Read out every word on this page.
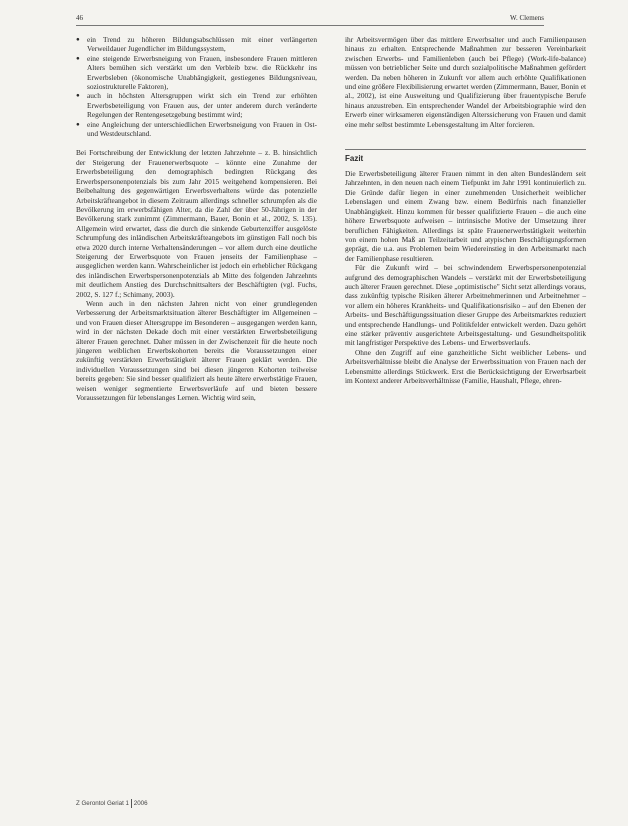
46	W. Clemens
● ein Trend zu höheren Bildungsabschlüssen mit einer verlängerten Verweildauer Jugendlicher im Bildungssystem,
● eine steigende Erwerbsneigung von Frauen, insbesondere Frauen mittleren Alters bemühen sich verstärkt um den Verbleib bzw. die Rückkehr ins Erwerbsleben (ökonomische Unabhängigkeit, gestiegenes Bildungsniveau, soziostrukturelle Faktoren),
● auch in höchsten Altersgruppen wirkt sich ein Trend zur erhöhten Erwerbsbeteiligung von Frauen aus, der unter anderem durch veränderte Regelungen der Rentengesetzgebung bestimmt wird;
● eine Angleichung der unterschiedlichen Erwerbsneigung von Frauen in Ost- und Westdeutschland.

Bei Fortschreibung der Entwicklung der letzten Jahrzehnte – z. B. hinsichtlich der Steigerung der Frauenerwerbsquote – könnte eine Zunahme der Erwerbsbeteiligung den demographisch bedingten Rückgang des Erwerbspersonenpotenzials bis zum Jahr 2015 weitgehend kompensieren. Bei Beibehaltung des gegenwärtigen Erwerbsverhaltens würde das potenzielle Arbeitskräfteangebot in diesem Zeitraum allerdings schneller schrumpfen als die Bevölkerung im erwerbsfähigen Alter, da die Zahl der über 50-Jährigen in der Bevölkerung stark zunimmt (Zimmermann, Bauer, Bonin et al., 2002, S. 135). Allgemein wird erwartet, dass die durch die sinkende Geburtenziffer ausgelöste Schrumpfung des inländischen Arbeitskräfteangebots im günstigen Fall noch bis etwa 2020 durch interne Verhaltensänderungen – vor allem durch eine deutliche Steigerung der Erwerbsquote von Frauen jenseits der Familienphase – ausgeglichen werden kann. Wahrscheinlicher ist jedoch ein erheblicher Rückgang des inländischen Erwerbspersonenpotenzials ab Mitte des folgenden Jahrzehnts mit deutlichem Anstieg des Durchschnittsalters der Beschäftigten (vgl. Fuchs, 2002, S. 127 f.; Schimany, 2003).

Wenn auch in den nächsten Jahren nicht von einer grundlegenden Verbesserung der Arbeitsmarktsituation älterer Beschäftigter im Allgemeinen – und von Frauen dieser Altersgruppe im Besonderen – ausgegangen werden kann, wird in der nächsten Dekade doch mit einer verstärkten Erwerbsbeteiligung älterer Frauen gerechnet. Daher müssen in der Zwischenzeit für die heute noch jüngeren weiblichen Erwerbskohorten bereits die Voraussetzungen einer zukünftig verstärkten Erwerbstätigkeit älterer Frauen geklärt werden. Die individuellen Voraussetzungen sind bei diesen jüngeren Kohorten teilweise bereits gegeben: Sie sind besser qualifiziert als heute ältere erwerbstätige Frauen, weisen weniger segmentierte Erwerbsverläufe auf und bieten bessere Voraussetzungen für lebenslanges Lernen. Wichtig wird sein,

ihr Arbeitsvermögen über das mittlere Erwerbsalter und auch Familienpausen hinaus zu erhalten. Entsprechende Maßnahmen zur besseren Vereinbarkeit zwischen Erwerbs- und Familienleben (auch bei Pflege) (Work-life-balance) müssen von betrieblicher Seite und durch sozialpolitische Maßnahmen gefördert werden. Da neben höheren in Zukunft vor allem auch erhöhte Qualifikationen und eine größere Flexibilisierung erwartet werden (Zimmermann, Bauer, Bonin et al., 2002), ist eine Ausweitung und Qualifizierung über frauentypische Berufe hinaus anzustreben. Ein entsprechender Wandel der Arbeitsbiographie wird den Erwerb einer wirksameren eigenständigen Alterssicherung von Frauen und damit eine mehr selbst bestimmte Lebensgestaltung im Alter forcieren.

Fazit

Die Erwerbsbeteiligung älterer Frauen nimmt in den alten Bundesländern seit Jahrzehnten, in den neuen nach einem Tiefpunkt im Jahr 1991 kontinuierlich zu. Die Gründe dafür liegen in einer zunehmenden Unsicherheit weiblicher Lebenslagen und einem Zwang bzw. einem Bedürfnis nach finanzieller Unabhängigkeit. Hinzu kommen für besser qualifizierte Frauen – die auch eine höhere Erwerbsquote aufweisen – intrinsische Motive der Umsetzung ihrer beruflichen Fähigkeiten. Allerdings ist späte Frauenerwerbstätigkeit weiterhin von einem hohen Maß an Teilzeitarbeit und atypischen Beschäftigungsformen geprägt, die u.a. aus Problemen beim Wiedereinstieg in den Arbeitsmarkt nach der Familienphase resultieren.

Für die Zukunft wird – bei schwindendem Erwerbspersonenpotenzial aufgrund des demographischen Wandels – verstärkt mit der Erwerbsbeteiligung auch älterer Frauen gerechnet. Diese „optimistische" Sicht setzt allerdings voraus, dass zukünftig typische Risiken älterer Arbeitnehmerinnen und Arbeitnehmer – vor allem ein höheres Krankheits- und Qualifikationsrisiko – auf den Ebenen der Arbeits- und Beschäftigungssituation dieser Gruppe des Arbeitsmarktes reduziert und entsprechende Handlungs- und Politikfelder entwickelt werden. Dazu gehört eine stärker präventiv ausgerichtete Arbeitsgestaltung- und Gesundheitspolitik mit langfristiger Perspektive des Lebens- und Erwerbsverlaufs.

Ohne den Zugriff auf eine ganzheitliche Sicht weiblicher Lebens- und Arbeitsverhältnisse bleibt die Analyse der Erwerbssituation von Frauen nach der Lebensmitte allerdings Stückwerk. Erst die Berücksichtigung der Erwerbsarbeit im Kontext anderer Arbeitsverhältnisse (Familie, Haushalt, Pflege, ehren-

Z Gerontol Geriat 1 2006
